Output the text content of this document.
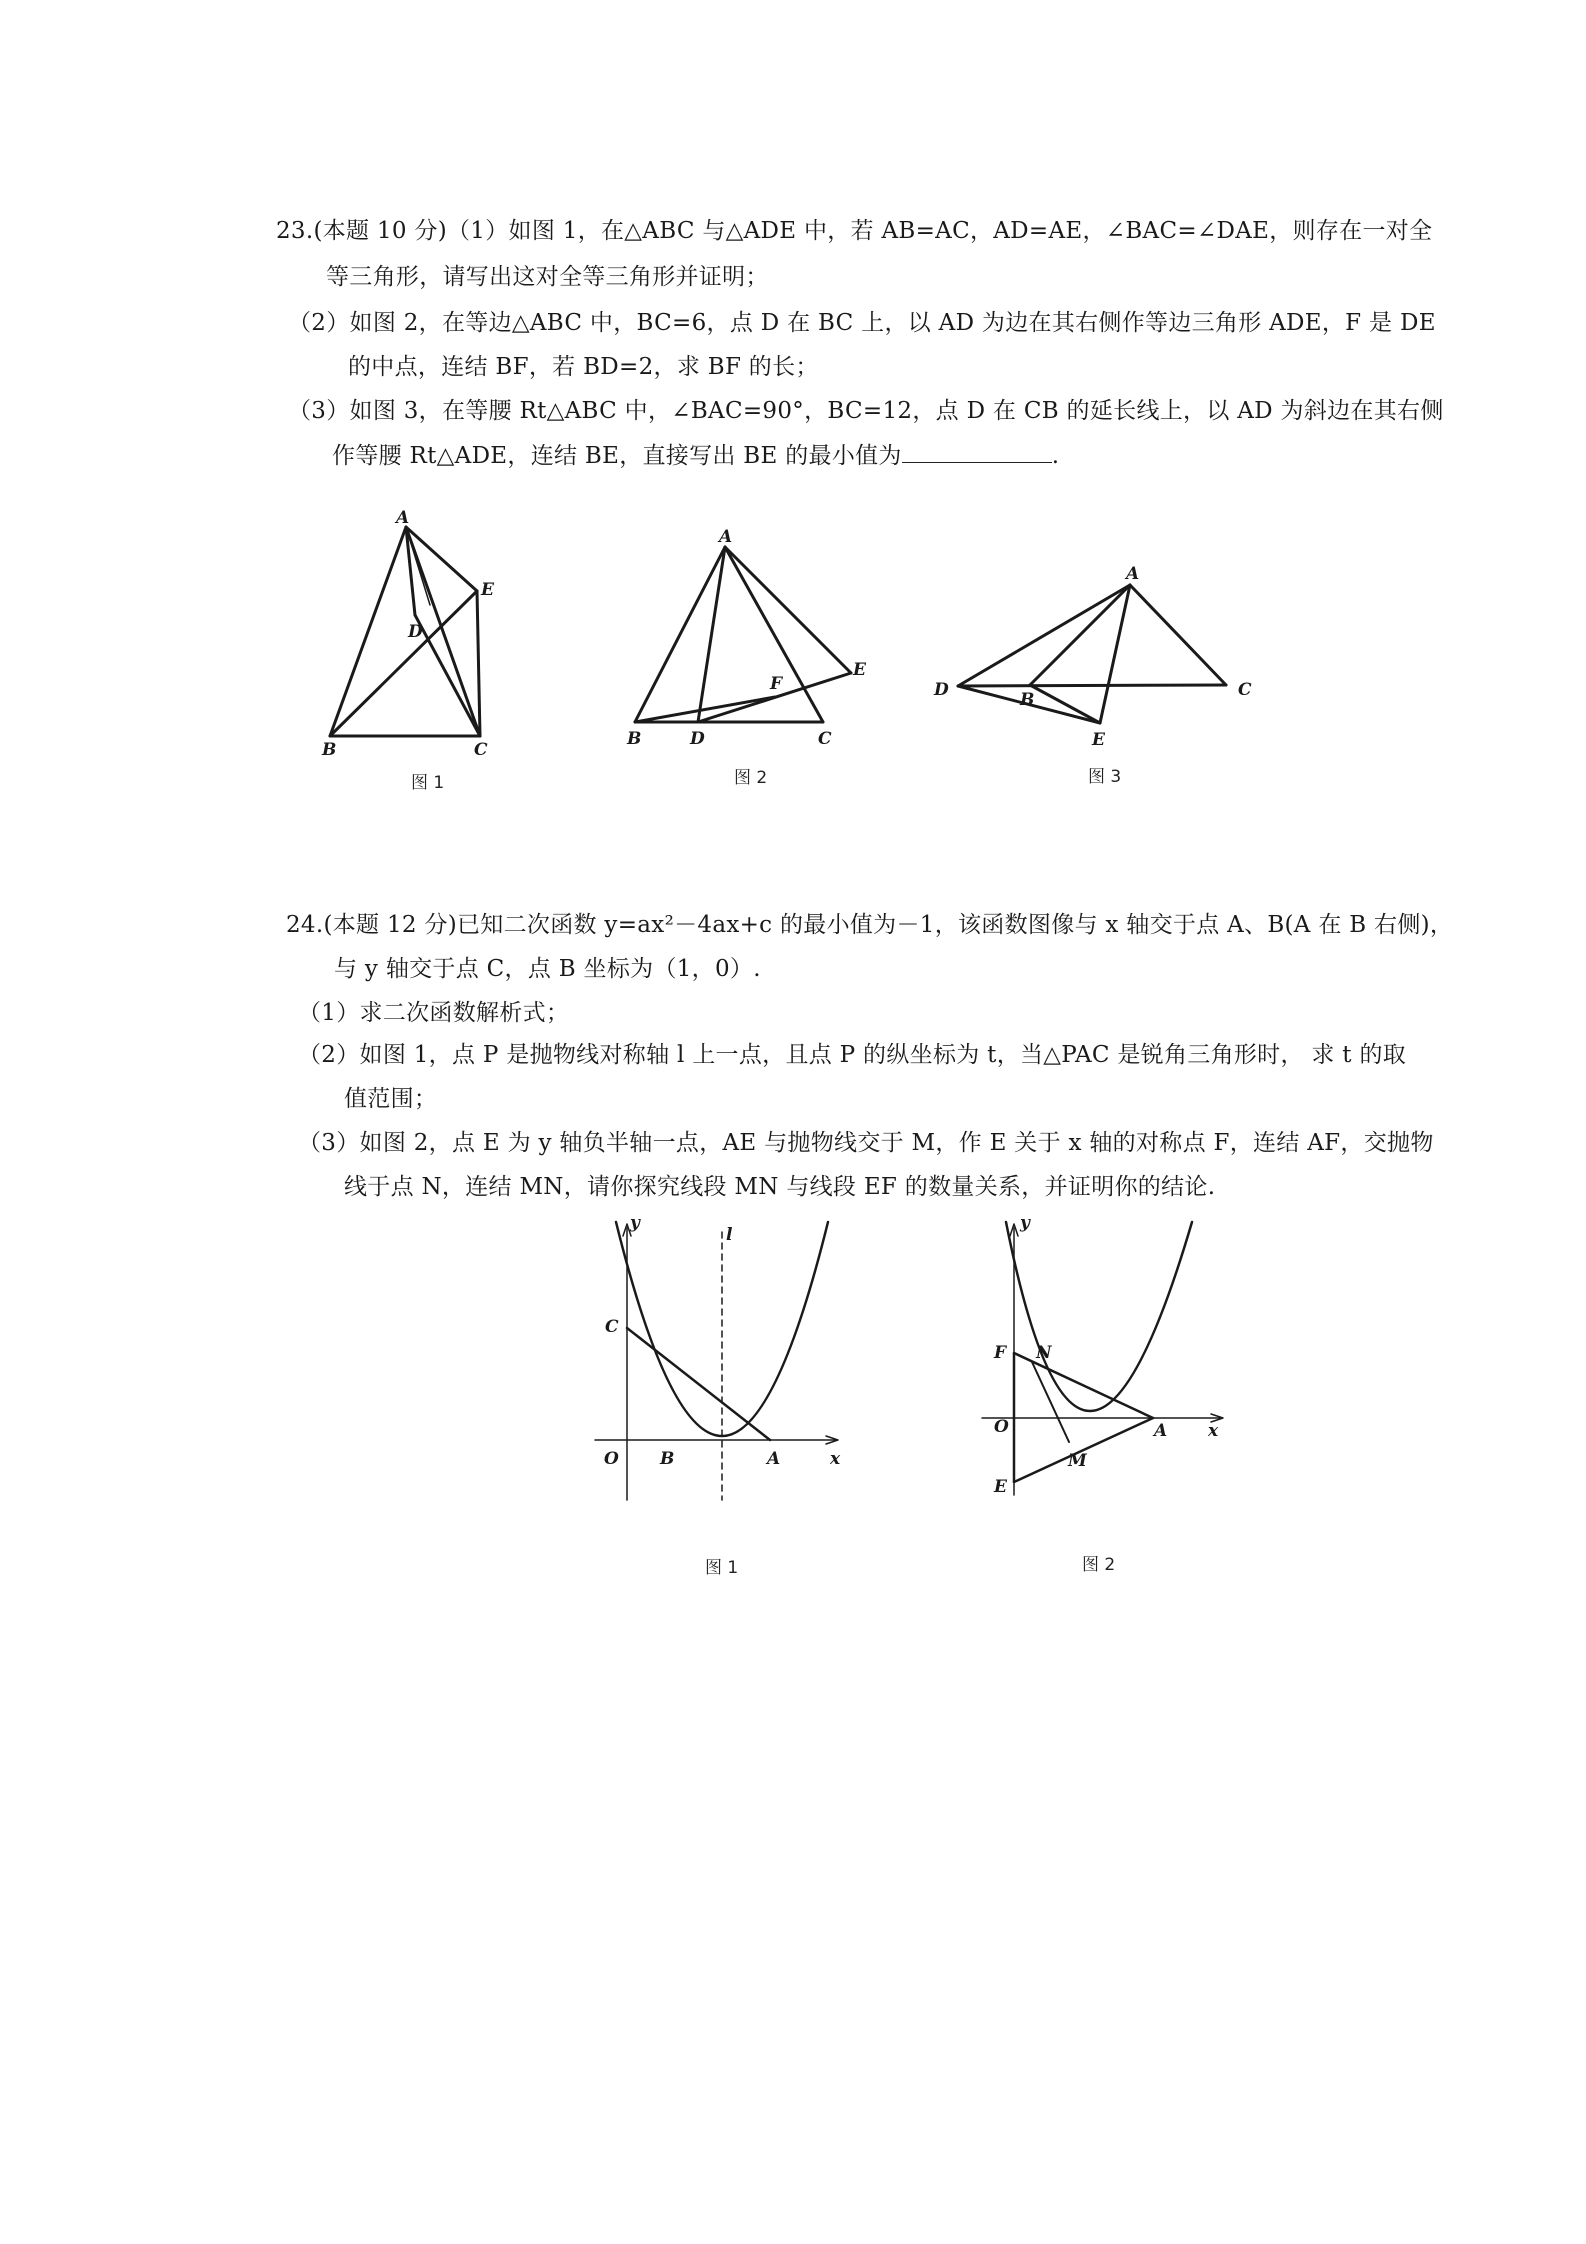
23.(本题 10 分)（1）如图 1，在△ABC 与△ADE 中，若 AB=AC，AD=AE，∠BAC=∠DAE，则存在一对全
等三角形，请写出这对全等三角形并证明；
（2）如图 2，在等边△ABC 中，BC=6，点 D 在 BC 上，以 AD 为边在其右侧作等边三角形 ADE，F 是 DE
的中点，连结 BF，若 BD=2，求 BF 的长；
（3）如图 3，在等腰 Rt△ABC 中，∠BAC=90°，BC=12，点 D 在 CB 的延长线上，以 AD 为斜边在其右侧
作等腰 Rt△ADE，连结 BE，直接写出 BE 的最小值为	.
A
E
D
B	C
图 1
A
E
F
B	D	C
图 2
A
D	B	C
E
图 3
24.(本题 12 分)已知二次函数 y=ax²－4ax+c 的最小值为－1，该函数图像与 x 轴交于点 A、B(A 在 B 右侧)，
与 y 轴交于点 C，点 B 坐标为（1，0）.
（1）求二次函数解析式；
（2）如图 1，点 P 是抛物线对称轴 l 上一点，且点 P 的纵坐标为 t，当△PAC 是锐角三角形时， 求 t 的取
值范围；
（3）如图 2，点 E 为 y 轴负半轴一点，AE 与抛物线交于 M，作 E 关于 x 轴的对称点 F，连结 AF，交抛物
线于点 N，连结 MN，请你探究线段 MN 与线段 EF 的数量关系，并证明你的结论.
y
l
C
O B	A	x
图 1
y
F N
O	A x
M
E
图 2
